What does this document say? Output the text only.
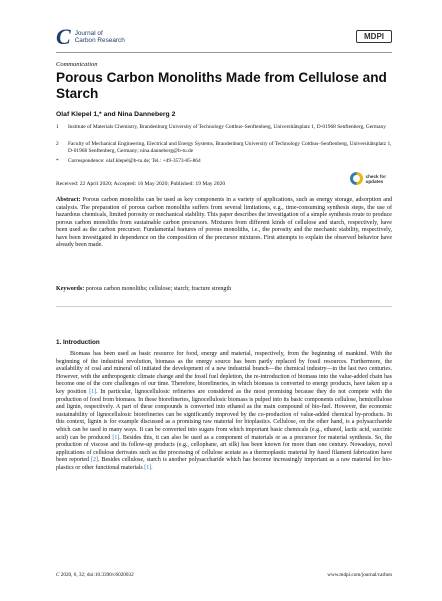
C Journal of
Carbon Research	MDPI
Communication
Porous Carbon Monoliths Made from Cellulose and Starch
Olaf Klepel 1,* and Nina Danneberg 2
1	Institute of Materials Chemistry, Brandenburg University of Technology Cottbus–Senftenberg, Universitätsplatz 1, D-01968 Senftenberg, Germany
2	Faculty of Mechanical Engineering, Electrical and Energy Systems, Brandenburg University of Technology Cottbus–Senftenberg, Universitätsplatz 1, D-01968 Senftenberg, Germany; nina.danneberg@b-tu.de
*	Correspondence: olaf.klepel@b-tu.de; Tel.: +49-3573-85-864
Received: 22 April 2020; Accepted: 16 May 2020; Published: 19 May 2020
check for
updates

Abstract: Porous carbon monoliths can be used as key components in a variety of applications, such as energy storage, adsorption and catalysis. The preparation of porous carbon monoliths suffers from several limitations, e.g., time-consuming synthesis steps, the use of hazardous chemicals, limited porosity or mechanical stability. This paper describes the investigation of a simple synthesis route to produce porous carbon monoliths from sustainable carbon precursors. Mixtures from different kinds of cellulose and starch, respectively, have been used as the carbon precursor. Fundamental features of porous monoliths, i.e., the porosity and the mechanic stability, respectively, have been investigated in dependence on the composition of the precursor mixtures. First attempts to explain the observed behavior have already been made.

Keywords: porous carbon monoliths; cellulose; starch; fracture strength

1. Introduction

Biomass has been used as basic resource for food, energy and material, respectively, from the beginning of mankind. With the beginning of the industrial revolution, biomass as the energy source has been partly replaced by fossil resources. Furthermore, the availability of coal and mineral oil initiated the development of a new industrial branch—the chemical industry—in the last two centuries. However, with the anthropogenic climate change and the fossil fuel depletion, the re-introduction of biomass into the value-added chain has become one of the core challenges of our time. Therefore, biorefineries, in which biomass is converted to energy products, have taken up a key position [1]. In particular, lignocellulosic refineries are considered as the most promising because they do not compete with the production of food from biomass. In these biorefineries, lignocellulosic biomass is pulped into its basic components cellulose, hemicellulose and lignin, respectively. A part of these compounds is converted into ethanol as the main compound of bio-fuel. However, the economic sustainability of lignocellulosic biorefineries can be significantly improved by the co-production of value-added chemical by-products. In this context, lignin is for example discussed as a promising raw material for bioplastics. Cellulose, on the other hand, is a polysaccharide which can be used in many ways. It can be converted into sugars from which important basic chemicals (e.g., ethanol, lactic acid, succinic acid) can be produced [1]. Besides this, it can also be used as a component of materials or as a precursor for material synthesis. So, the production of viscose and its follow-up products (e.g., cellophane, art silk) has been known for more than one century. Nowadays, novel applications of cellulose derivates such as the processing of cellulose acetate as a thermoplastic material by fused filament fabrication have been reported [2]. Besides cellulose, starch is another polysaccharide which has become increasingly important as a raw material for bio-plastics or other functional materials [1].

C 2020, 6, 32; doi:10.3390/c6020032	www.mdpi.com/journal/carbon
